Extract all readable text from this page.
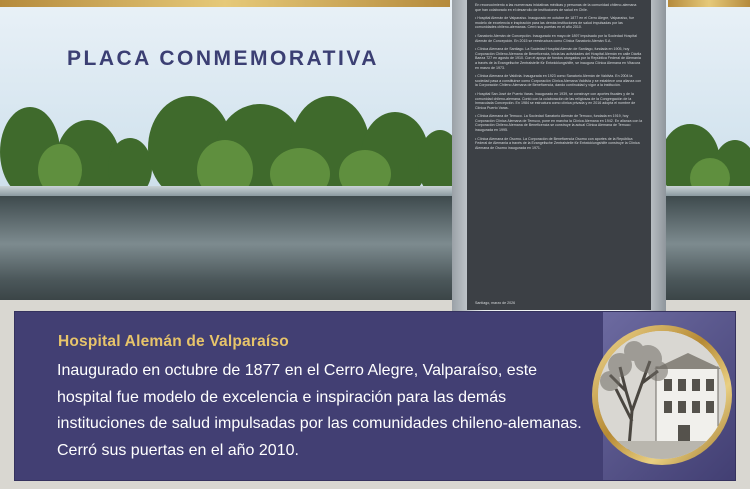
PLACA CONMEMORATIVA

En reconocimiento a las numerosas iniciativas médicas y personas de la comunidad chileno-alemana que han colaborado en el desarrollo de instituciones de salud en Chile.

• Hospital Alemán de Valparaíso. Inaugurado en octubre de 1877 en el Cerro Alegre, Valparaíso, fue modelo de excelencia e inspiración para las demás instituciones de salud impulsadas por las comunidades chileno-alemanas. Cerró sus puertas en el año 2010.

• Sanatorio Alemán de Concepción. Inaugurado en mayo de 1897 impulsado por la Sociedad Hospital Alemán de Concepción. En 2015 se reestructura como Clínica Sanatorio Alemán S.A.

• Clínica Alemana de Santiago. La Sociedad Hospital Alemán de Santiago, fundada en 1905, hoy Corporación Chileno Alemana de Beneficencia, inicia las actividades del Hospital Alemán en calle Dávila Baeza 727 en agosto de 1910. Con el apoyo de fondos otorgados por la República Federal de Alemania a través de la Evangelische Zentralstelle für Entwicklungshilfe, se inaugura Clínica Alemana en Vitacura en marzo de 1973.

• Clínica Alemana de Valdivia. Inaugurada en 1923 como Sanatorio Alemán de Valdivia. En 2004 la sociedad pasa a constituirse como Corporación Clínica Alemana Valdivia y se establece una alianza con la Corporación Chileno Alemana de Beneficencia, dando continuidad y vigor a la institución.

• Hospital San José de Puerto Varas. Inaugurado en 1939, se construye con aportes fiscales y de la comunidad chileno-alemana. Contó con la colaboración de las religiosas de la Congregación de la Inmaculada Concepción. En 1984 se estructura como clínica privada y en 2016 adopta el nombre de Clínica Puerto Varas.

• Clínica Alemana de Temuco. La Sociedad Sanatorio Alemán de Temuco, fundada en 1919, hoy Corporación Clínica Alemana de Temuco, pone en marcha la Clínica Alemana en 1942. En alianza con la Corporación Chileno Alemana de Beneficencia se construye la actual Clínica Alemana de Temuco inaugurada en 1995.

• Clínica Alemana de Osorno. La Corporación de Beneficencia Osorno con aportes de la República Federal de Alemania a través de la Evangelische Zentralstelle für Entwicklungshilfe construye la Clínica Alemana de Osorno inaugurada en 1971.

Santiago, marzo de 2026
Hospital Alemán de Valparaíso

Inaugurado en octubre de 1877 en el Cerro Alegre, Valparaíso, este hospital fue modelo de excelencia e inspiración para las demás instituciones de salud impulsadas por las comunidades chileno-alemanas. Cerró sus puertas en el año 2010.
